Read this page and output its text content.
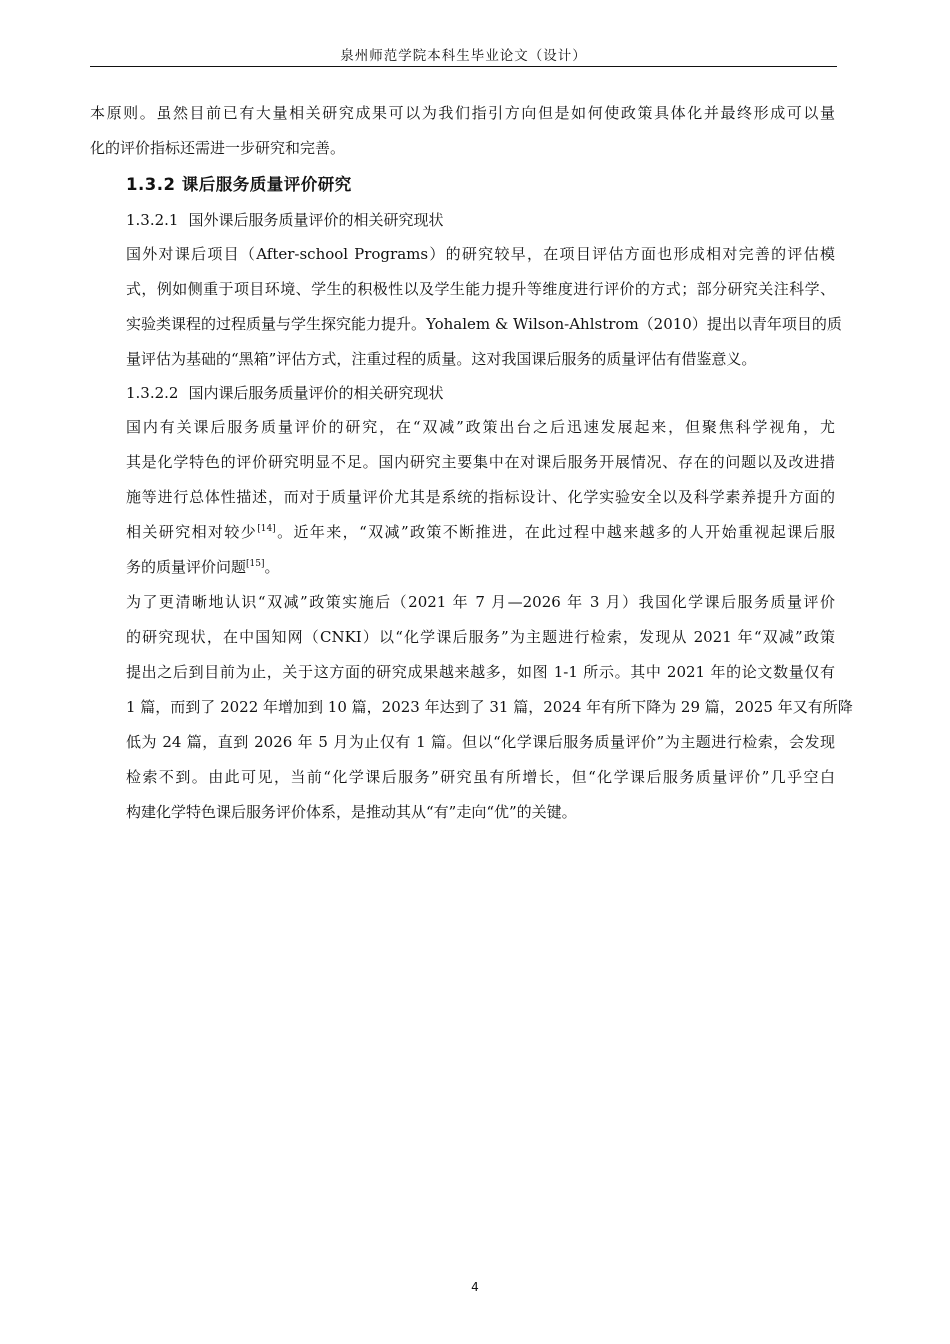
泉州师范学院本科生毕业论文（设计）

本原则。虽然目前已有大量相关研究成果可以为我们指引方向但是如何使政策具体化并最终形成可以量
化的评价指标还需进一步研究和完善。

1.3.2 课后服务质量评价研究

1.3.2.1 国外课后服务质量评价的相关研究现状

国外对课后项目（After-school Programs）的研究较早，在项目评估方面也形成相对完善的评估模
式，例如侧重于项目环境、学生的积极性以及学生能力提升等维度进行评价的方式；部分研究关注科学、
实验类课程的过程质量与学生探究能力提升。Yohalem & Wilson-Ahlstrom（2010）提出以青年项目的质
量评估为基础的“黑箱”评估方式，注重过程的质量。这对我国课后服务的质量评估有借鉴意义。

1.3.2.2 国内课后服务质量评价的相关研究现状

国内有关课后服务质量评价的研究，在“双减”政策出台之后迅速发展起来，但聚焦科学视角，尤
其是化学特色的评价研究明显不足。国内研究主要集中在对课后服务开展情况、存在的问题以及改进措
施等进行总体性描述，而对于质量评价尤其是系统的指标设计、化学实验安全以及科学素养提升方面的
相关研究相对较少[14]。近年来，“双减”政策不断推进，在此过程中越来越多的人开始重视起课后服
务的质量评价问题[15]。

为了更清晰地认识“双减”政策实施后（2021 年 7 月—2026 年 3 月）我国化学课后服务质量评价
的研究现状，在中国知网（CNKI）以“化学课后服务”为主题进行检索，发现从 2021 年“双减”政策
提出之后到目前为止，关于这方面的研究成果越来越多，如图 1-1 所示。其中 2021 年的论文数量仅有
1 篇，而到了 2022 年增加到 10 篇，2023 年达到了 31 篇，2024 年有所下降为 29 篇，2025 年又有所降
低为 24 篇，直到 2026 年 5 月为止仅有 1 篇。但以“化学课后服务质量评价”为主题进行检索，会发现
检索不到。由此可见，当前“化学课后服务”研究虽有所增长，但“化学课后服务质量评价”几乎空白
构建化学特色课后服务评价体系，是推动其从“有”走向“优”的关键。

4
